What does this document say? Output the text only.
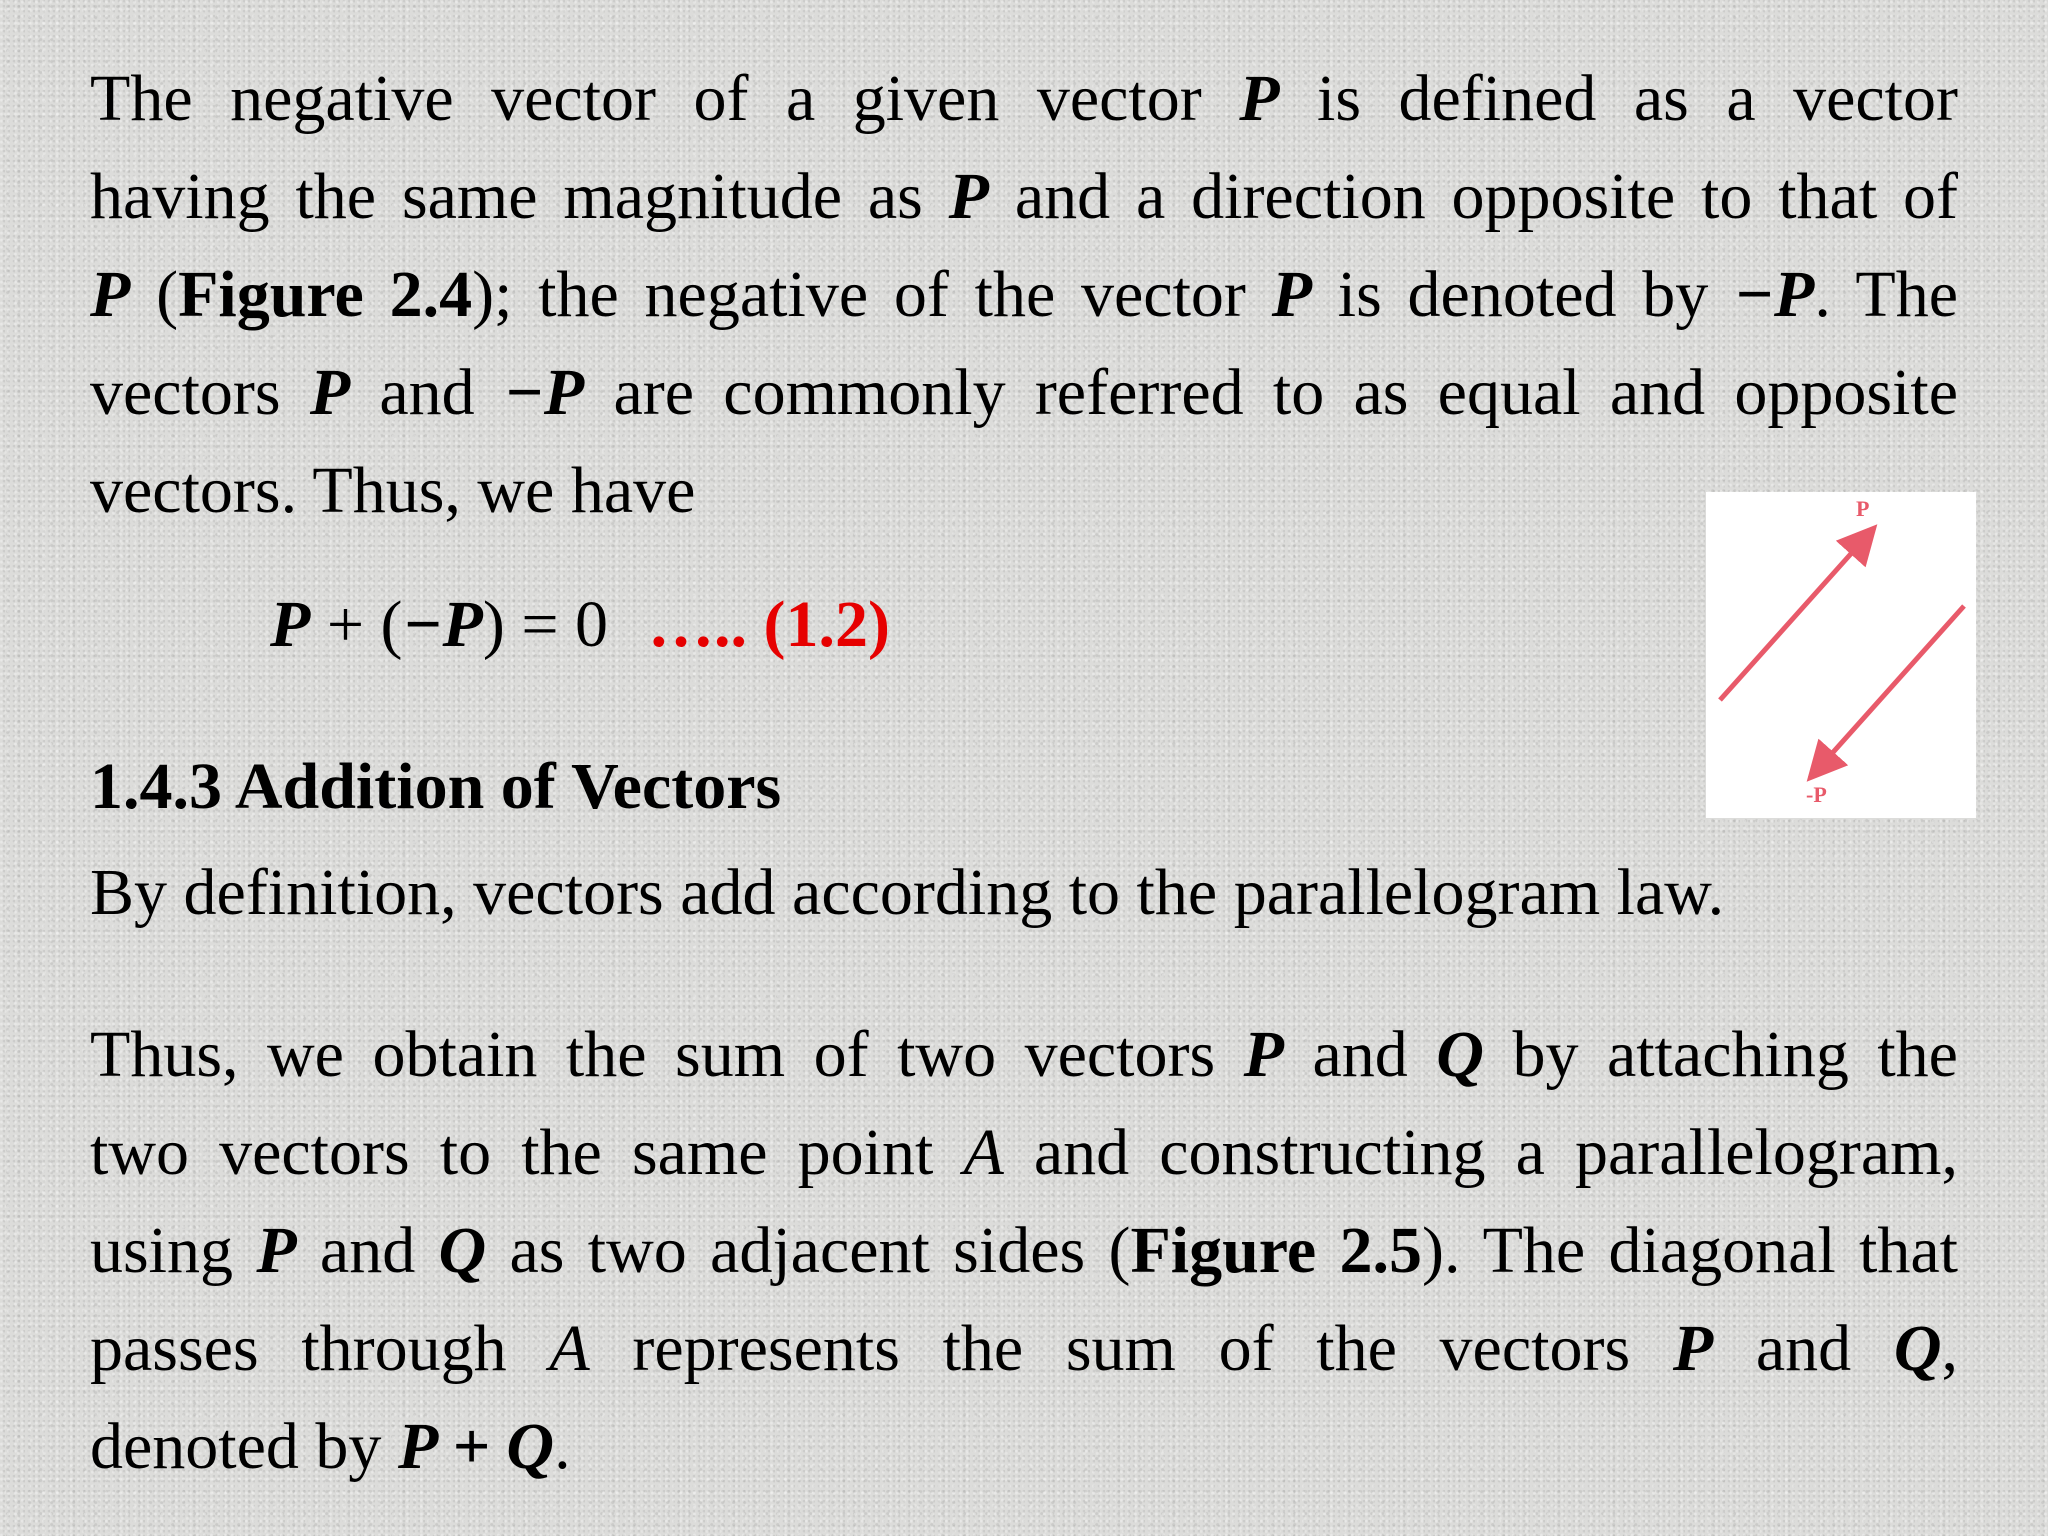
The negative vector of a given vector P is defined as a vector
having the same magnitude as P and a direction opposite to that of
P (Figure 2.4); the negative of the vector P is denoted by −P. The
vectors P and −P are commonly referred to as equal and opposite
vectors. Thus, we have
P + (−P) = 0 ….. (1.2)
1.4.3 Addition of Vectors
By definition, vectors add according to the parallelogram law.
Thus, we obtain the sum of two vectors P and Q by attaching the
two vectors to the same point A and constructing a parallelogram,
using P and Q as two adjacent sides (Figure 2.5). The diagonal that
passes through A represents the sum of the vectors P and Q,
denoted by P + Q.
P
-P
